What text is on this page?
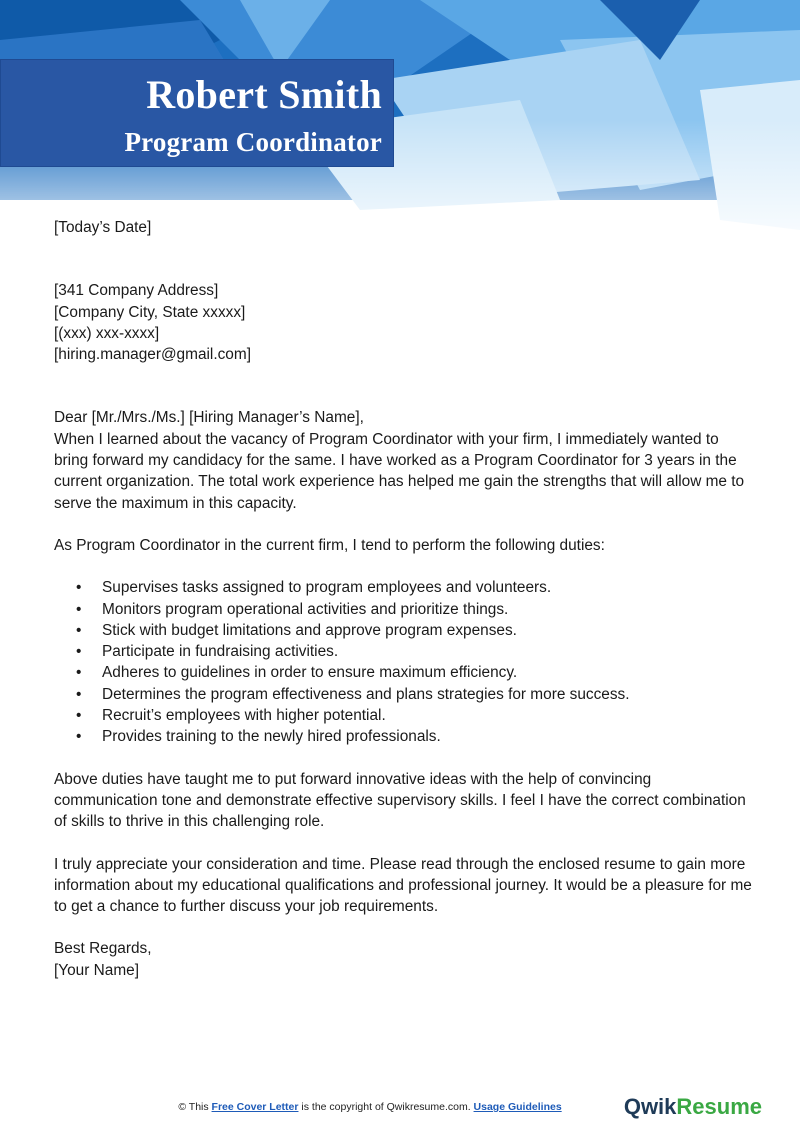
Robert Smith
Program Coordinator

[Today’s Date]

[341 Company Address]

[Company City, State xxxxx]

[(xxx) xxx-xxxx]

[hiring.manager@gmail.com]

Dear [Mr./Mrs./Ms.] [Hiring Manager’s Name],

When I learned about the vacancy of Program Coordinator with your firm, I immediately wanted to bring forward my candidacy for the same. I have worked as a Program Coordinator for 3 years in the current organization. The total work experience has helped me gain the strengths that will allow me to serve the maximum in this capacity.

As Program Coordinator in the current firm, I tend to perform the following duties:

• Supervises tasks assigned to program employees and volunteers.
• Monitors program operational activities and prioritize things.
• Stick with budget limitations and approve program expenses.
• Participate in fundraising activities.
• Adheres to guidelines in order to ensure maximum efficiency.
• Determines the program effectiveness and plans strategies for more success.
• Recruit’s employees with higher potential.
• Provides training to the newly hired professionals.

Above duties have taught me to put forward innovative ideas with the help of convincing communication tone and demonstrate effective supervisory skills. I feel I have the correct combination of skills to thrive in this challenging role.

I truly appreciate your consideration and time. Please read through the enclosed resume to gain more information about my educational qualifications and professional journey. It would be a pleasure for me to get a chance to further discuss your job requirements.

Best Regards,

[Your Name]

© This Free Cover Letter is the copyright of Qwikresume.com. Usage Guidelines	QwikResume
